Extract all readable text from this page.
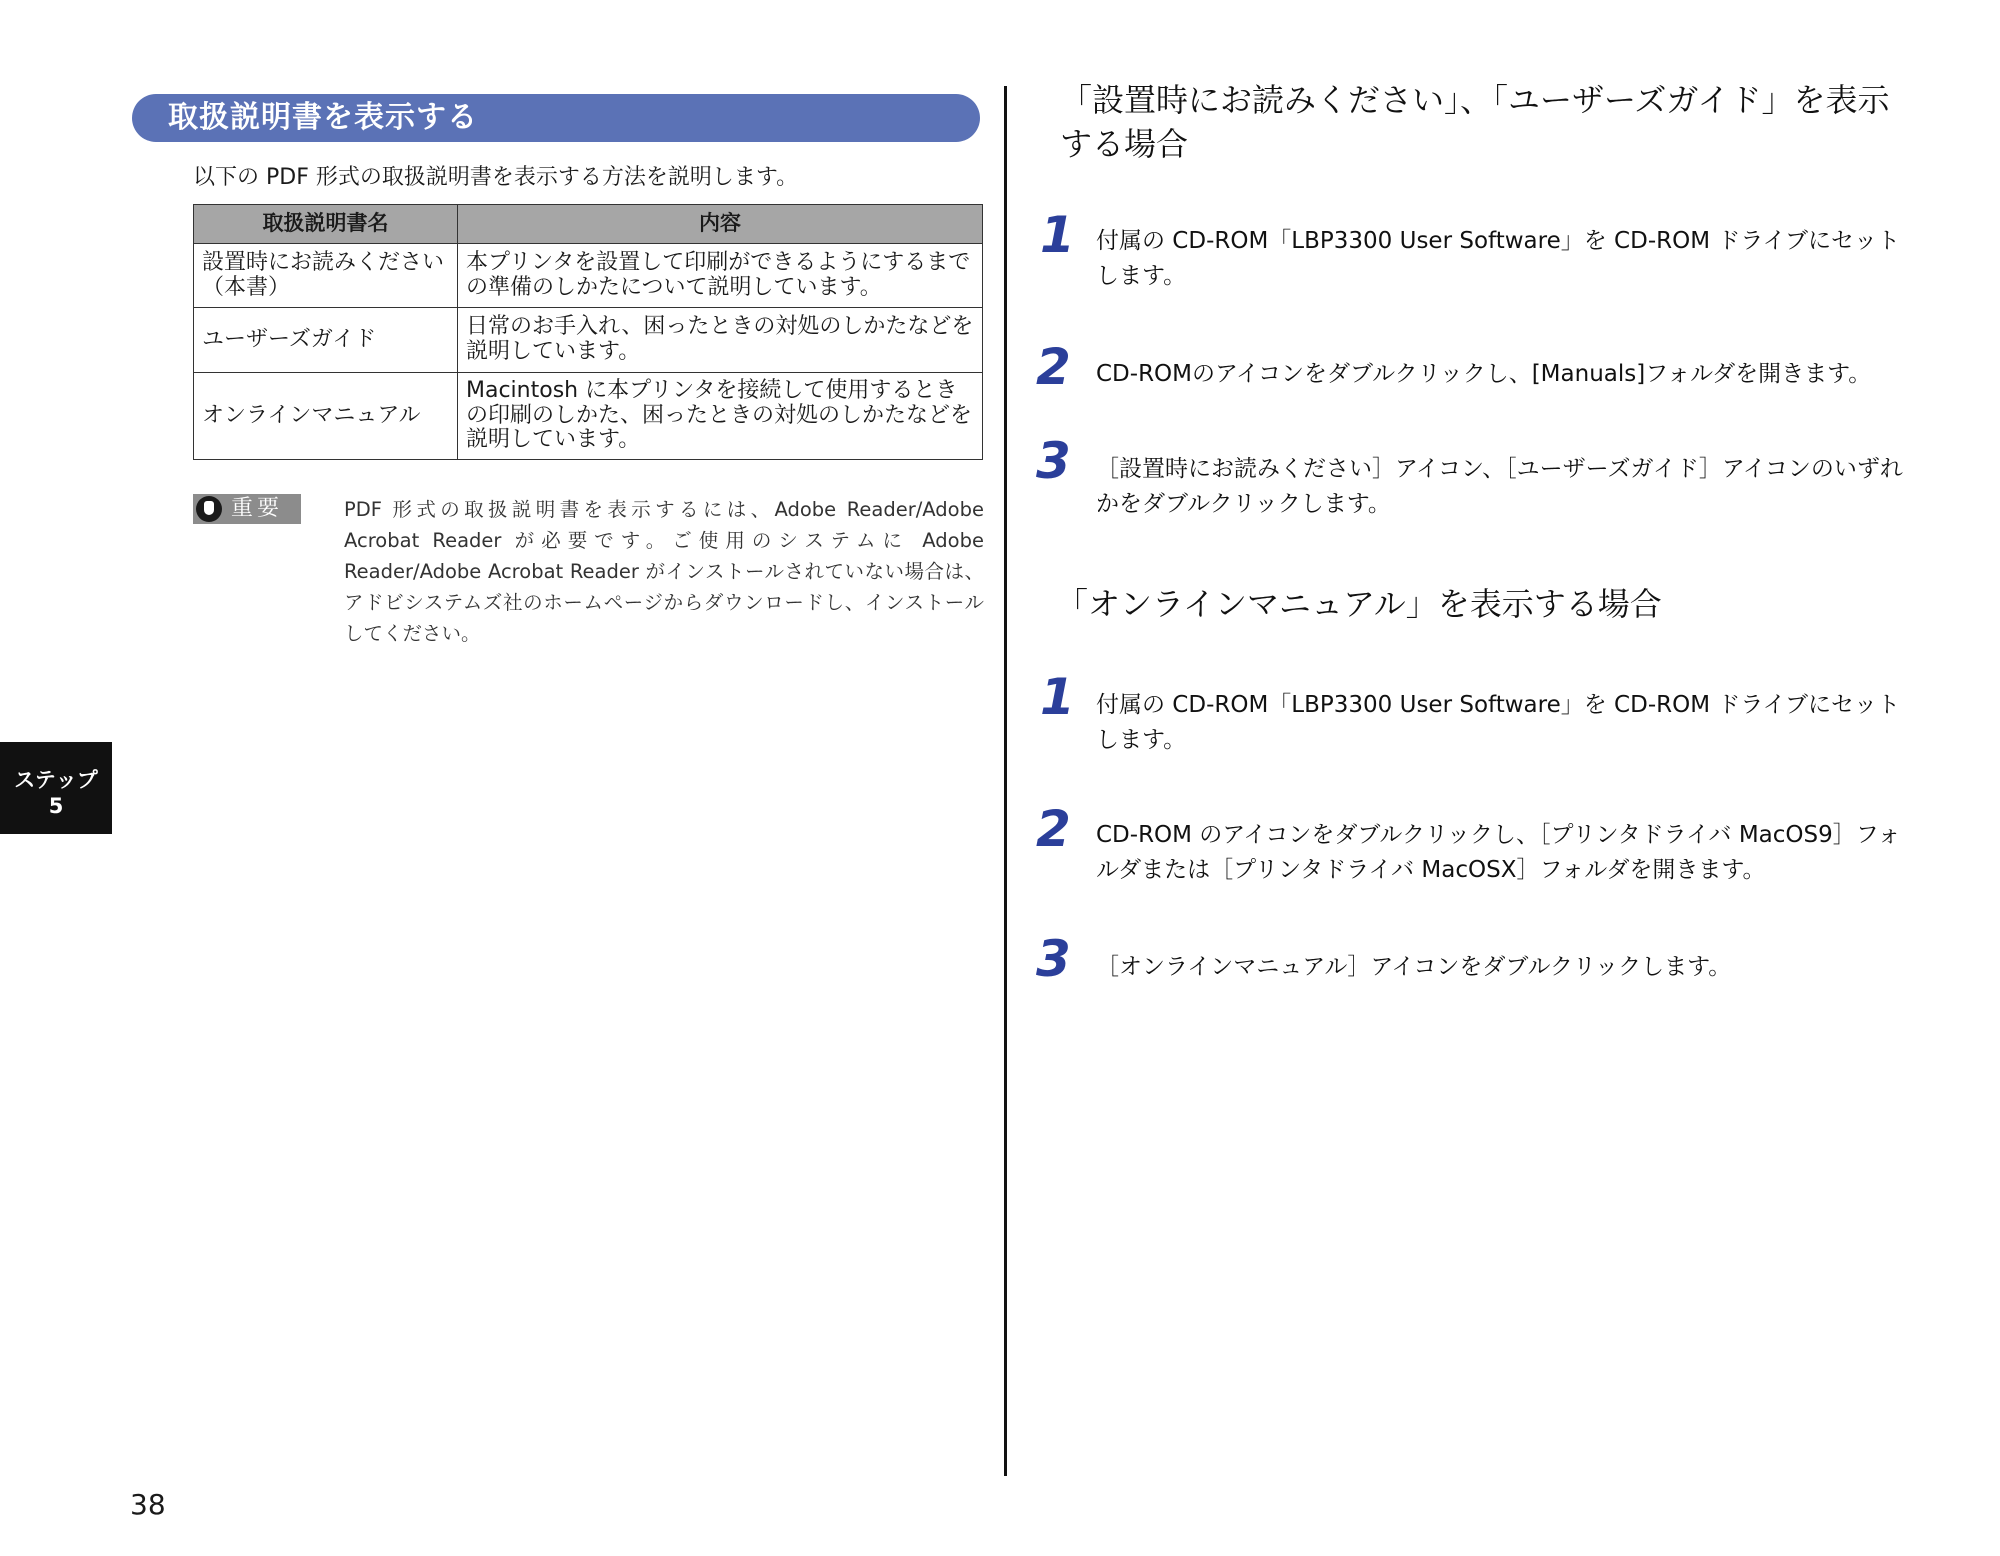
取扱説明書を表示する
以下の PDF 形式の取扱説明書を表示する方法を説明します。
取扱説明書名	内容
設置時にお読みください（本書）	本プリンタを設置して印刷ができるようにするまでの準備のしかたについて説明しています。
ユーザーズガイド	日常のお手入れ、困ったときの対処のしかたなどを説明しています。
オンラインマニュアル	Macintosh に本プリンタを接続して使用するときの印刷のしかた、困ったときの対処のしかたなどを説明しています。
重要	PDF 形式の取扱説明書を表示するには、Adobe Reader/Adobe Acrobat Reader が必要です。ご使用のシステムに Adobe Reader/Adobe Acrobat Reader がインストールされていない場合は、アドビシステムズ社のホームページからダウンロードし、インストールしてください。
ステップ
5
38
「設置時にお読みください」、「ユーザーズガイド」を表示する場合
1 付属の CD-ROM「LBP3300 User Software」を CD-ROM ドライブにセットします。
2 CD-ROMのアイコンをダブルクリックし、[Manuals]フォルダを開きます。
3 ［設置時にお読みください］アイコン、［ユーザーズガイド］アイコンのいずれかをダブルクリックします。
「オンラインマニュアル」を表示する場合
1 付属の CD-ROM「LBP3300 User Software」を CD-ROM ドライブにセットします。
2 CD-ROM のアイコンをダブルクリックし、［プリンタドライバ MacOS9］フォルダまたは［プリンタドライバ MacOSX］フォルダを開きます。
3 ［オンラインマニュアル］アイコンをダブルクリックします。
